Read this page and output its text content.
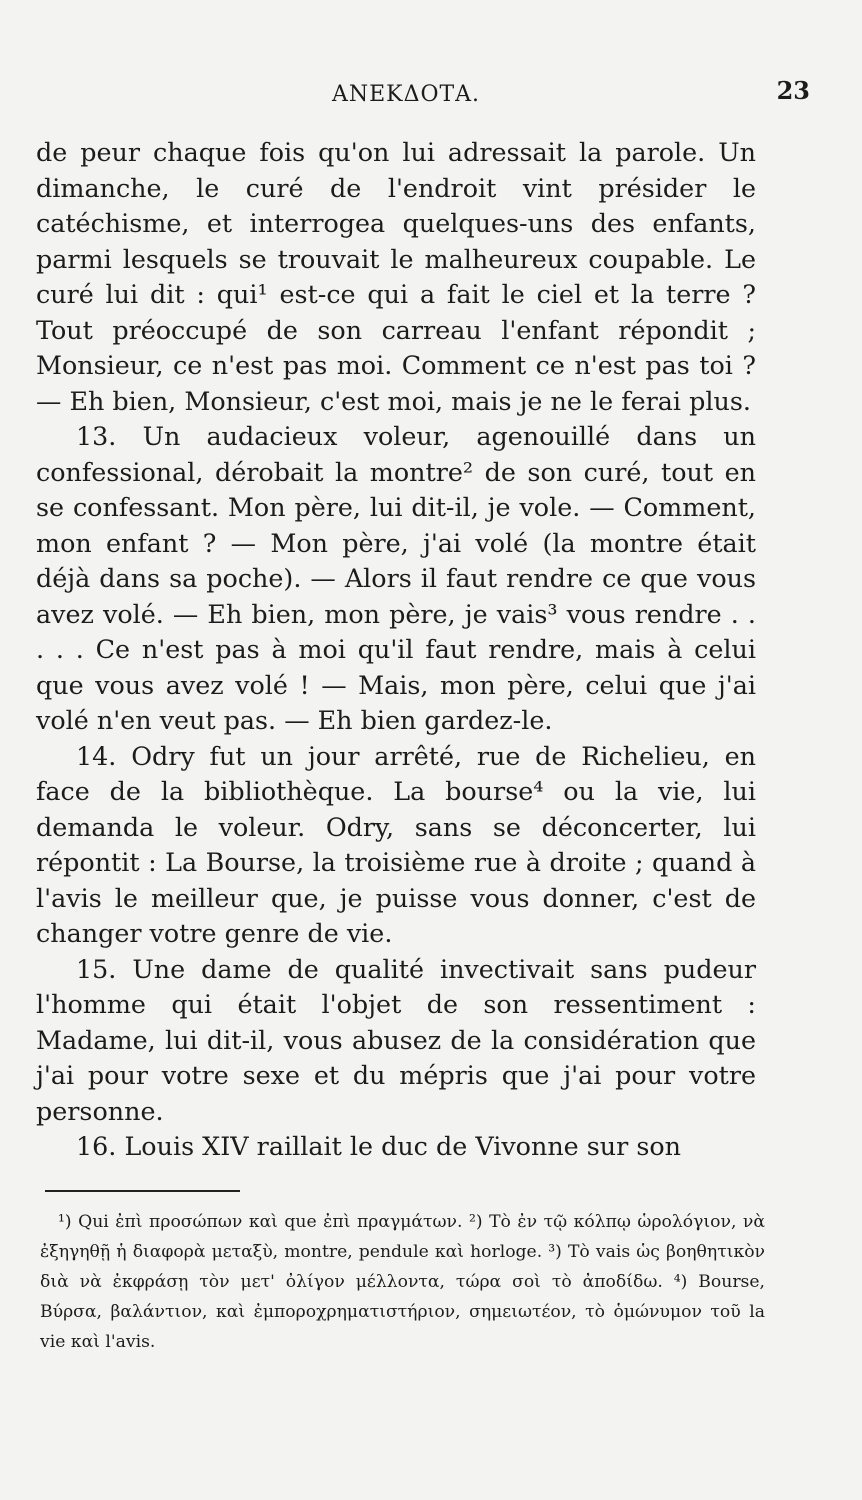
ΑΝΕΚΔΟΤΑ.	23

de peur chaque fois qu'on lui adressait la parole. Un dimanche, le curé de l'endroit vint présider le catéchisme, et interrogea quelques-uns des enfants, parmi lesquels se trouvait le malheureux coupable. Le curé lui dit : qui¹ est-ce qui a fait le ciel et la terre ? Tout préoccupé de son carreau l'enfant répondit ; Monsieur, ce n'est pas moi. Comment ce n'est pas toi ? — Eh bien, Monsieur, c'est moi, mais je ne le ferai plus.

13. Un audacieux voleur, agenouillé dans un confessional, dérobait la montre² de son curé, tout en se confessant. Mon père, lui dit-il, je vole. — Comment, mon enfant ? — Mon père, j'ai volé (la montre était déjà dans sa poche). — Alors il faut rendre ce que vous avez volé. — Eh bien, mon père, je vais³ vous rendre . . . . . Ce n'est pas à moi qu'il faut rendre, mais à celui que vous avez volé ! — Mais, mon père, celui que j'ai volé n'en veut pas. — Eh bien gardez-le.

14. Odry fut un jour arrêté, rue de Richelieu, en face de la bibliothèque. La bourse⁴ ou la vie, lui demanda le voleur. Odry, sans se déconcerter, lui répontit : La Bourse, la troisième rue à droite ; quand à l'avis le meilleur que, je puisse vous donner, c'est de changer votre genre de vie.

15. Une dame de qualité invectivait sans pudeur l'homme qui était l'objet de son ressentiment : Madame, lui dit-il, vous abusez de la considération que j'ai pour votre sexe et du mépris que j'ai pour votre personne.

16. Louis XIV raillait le duc de Vivonne sur son

¹) Qui ἐπὶ προσώπων καὶ que ἐπὶ πραγμάτων. ²) Τὸ ἐν τῷ κόλπῳ ὡρολόγιον, νὰ ἐξηγηθῇ ἡ διαφορὰ μεταξὺ, montre, pendule καὶ horloge. ³) Τὸ vais ὡς βοηθητικὸν διὰ νὰ ἐκφράσῃ τὸν μετ' ὀλίγον μέλλοντα, τώρα σοὶ τὸ ἀποδίδω. ⁴) Bourse, Βύρσα, βαλάντιον, καὶ ἐμποροχρηματιστήριον, σημειωτέον, τὸ ὁμώνυμον τοῦ la vie καὶ l'avis.
